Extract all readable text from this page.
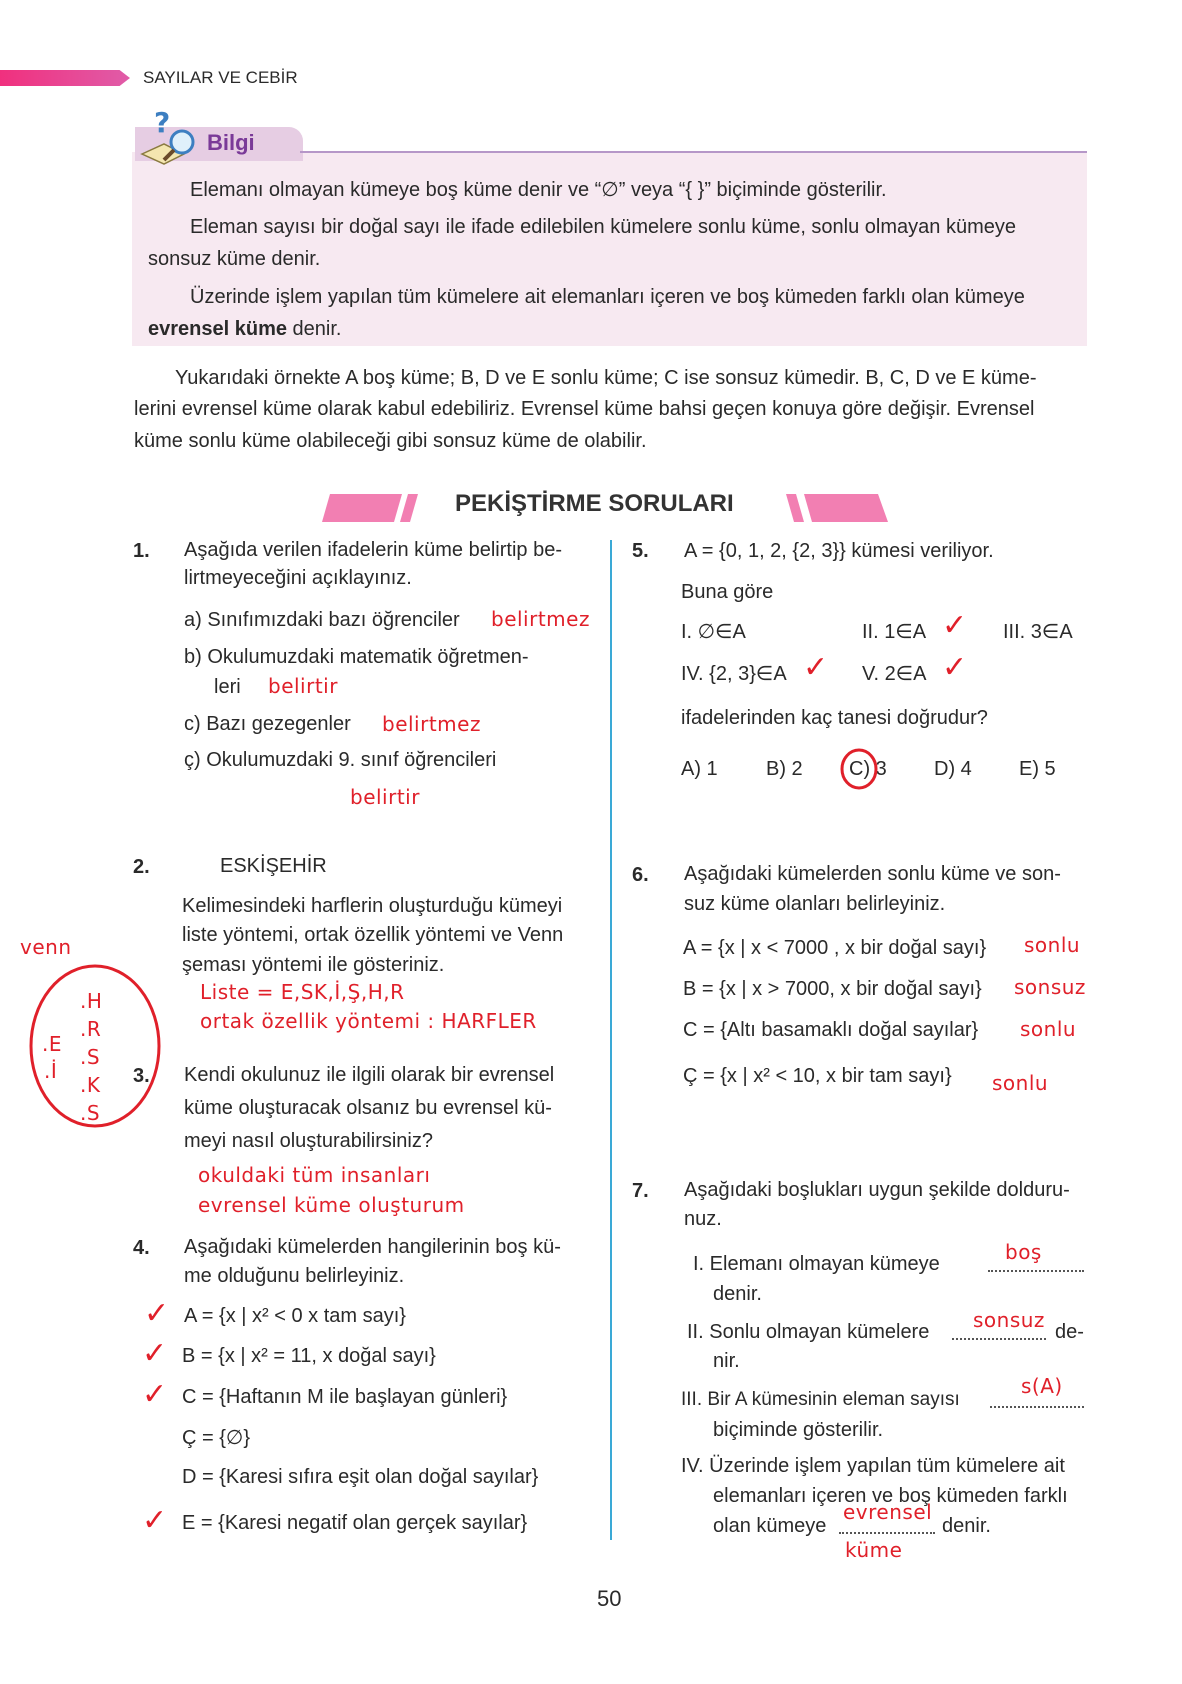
SAYILAR VE CEBİR
?
Bilgi
Elemanı olmayan kümeye boş küme denir ve “∅” veya “{ }” biçiminde gösterilir.
Eleman sayısı bir doğal sayı ile ifade edilebilen kümelere sonlu küme, sonlu olmayan kümeye
sonsuz küme denir.
Üzerinde işlem yapılan tüm kümelere ait elemanları içeren ve boş kümeden farklı olan kümeye
evrensel küme denir.
Yukarıdaki örnekte A boş küme; B, D ve E sonlu küme; C ise sonsuz kümedir. B, C, D ve E küme-
lerini evrensel küme olarak kabul edebiliriz. Evrensel küme bahsi geçen konuya göre değişir. Evrensel
küme sonlu küme olabileceği gibi sonsuz küme de olabilir.
PEKİŞTİRME SORULARI
1. Aşağıda verilen ifadelerin küme belirtip be-
lirtmeyeceğini açıklayınız.
a) Sınıfımızdaki bazı öğrenciler belirtmez
b) Okulumuzdaki matematik öğretmen-
leri belirtir
c) Bazı gezegenler belirtmez
ç) Okulumuzdaki 9. sınıf öğrencileri
belirtir
2.	ESKİŞEHİR
Kelimesindeki harflerin oluşturduğu kümeyi
liste yöntemi, ortak özellik yöntemi ve Venn
şeması yöntemi ile gösteriniz.
Liste = E,SK,İ,Ş,H,R
ortak özellik yöntemi : HARFLER
venn
.E
.İ
.H
.R
.S
.K
.S
3. Kendi okulunuz ile ilgili olarak bir evrensel
küme oluşturacak olsanız bu evrensel kü-
meyi nasıl oluşturabilirsiniz?
okuldaki tüm insanları
evrensel küme oluşturum
4. Aşağıdaki kümelerden hangilerinin boş kü-
me olduğunu belirleyiniz.
✓ A = {x | x² < 0 x tam sayı}
✓ B = {x | x² = 11, x doğal sayı}
✓ C = {Haftanın M ile başlayan günleri}
Ç = {∅}
D = {Karesi sıfıra eşit olan doğal sayılar}
✓ E = {Karesi negatif olan gerçek sayılar}
5. A = {0, 1, 2, {2, 3}} kümesi veriliyor.
Buna göre
I. ∅∈A	II. 1∈A ✓ III. 3∈A
IV. {2, 3}∈A ✓ V. 2∈A ✓
ifadelerinden kaç tanesi doğrudur?
A) 1 B) 2 C) 3 D) 4 E) 5
6. Aşağıdaki kümelerden sonlu küme ve son-
suz küme olanları belirleyiniz.
A = {x | x < 7000 , x bir doğal sayı} sonlu
B = {x | x > 7000, x bir doğal sayı} sonsuz
C = {Altı basamaklı doğal sayılar} sonlu
Ç = {x | x² < 10, x bir tam sayı} sonlu
7. Aşağıdaki boşlukları uygun şekilde dolduru-
nuz.
I. Elemanı olmayan kümeye	boş
denir.
II. Sonlu olmayan kümelere sonsuz de-
nir.
III. Bir A kümesinin eleman sayısı
s(A)
biçiminde gösterilir.
IV. Üzerinde işlem yapılan tüm kümelere ait
elemanları içeren ve boş kümeden farklı
olan kümeye
evrensel
denir.
küme
50
